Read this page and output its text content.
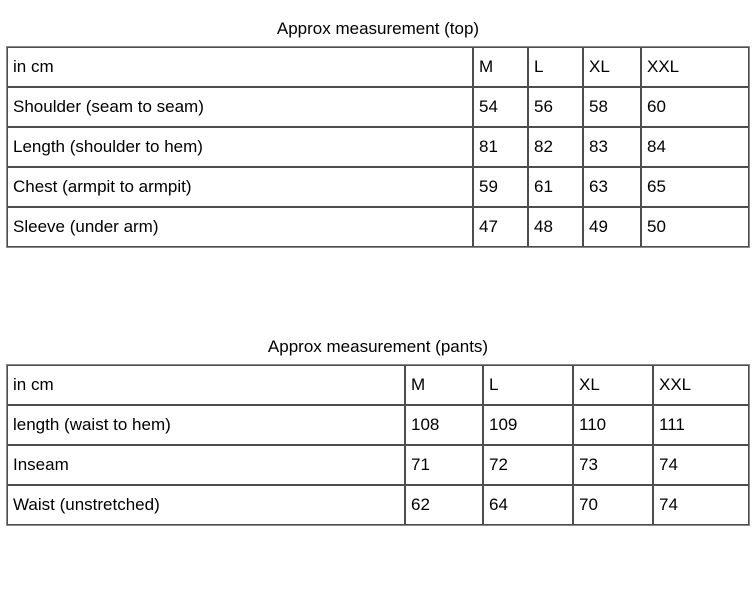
Approx measurement (top)
in cm	M	L	XL	XXL
Shoulder (seam to seam)	54	56	58	60
Length (shoulder to hem)	81	82	83	84
Chest (armpit to armpit)	59	61	63	65
Sleeve (under arm)	47	48	49	50
Approx measurement (pants)
in cm	M	L	XL	XXL
length (waist to hem)	108	109	110	111
Inseam	71	72	73	74
Waist (unstretched)	62	64	70	74
